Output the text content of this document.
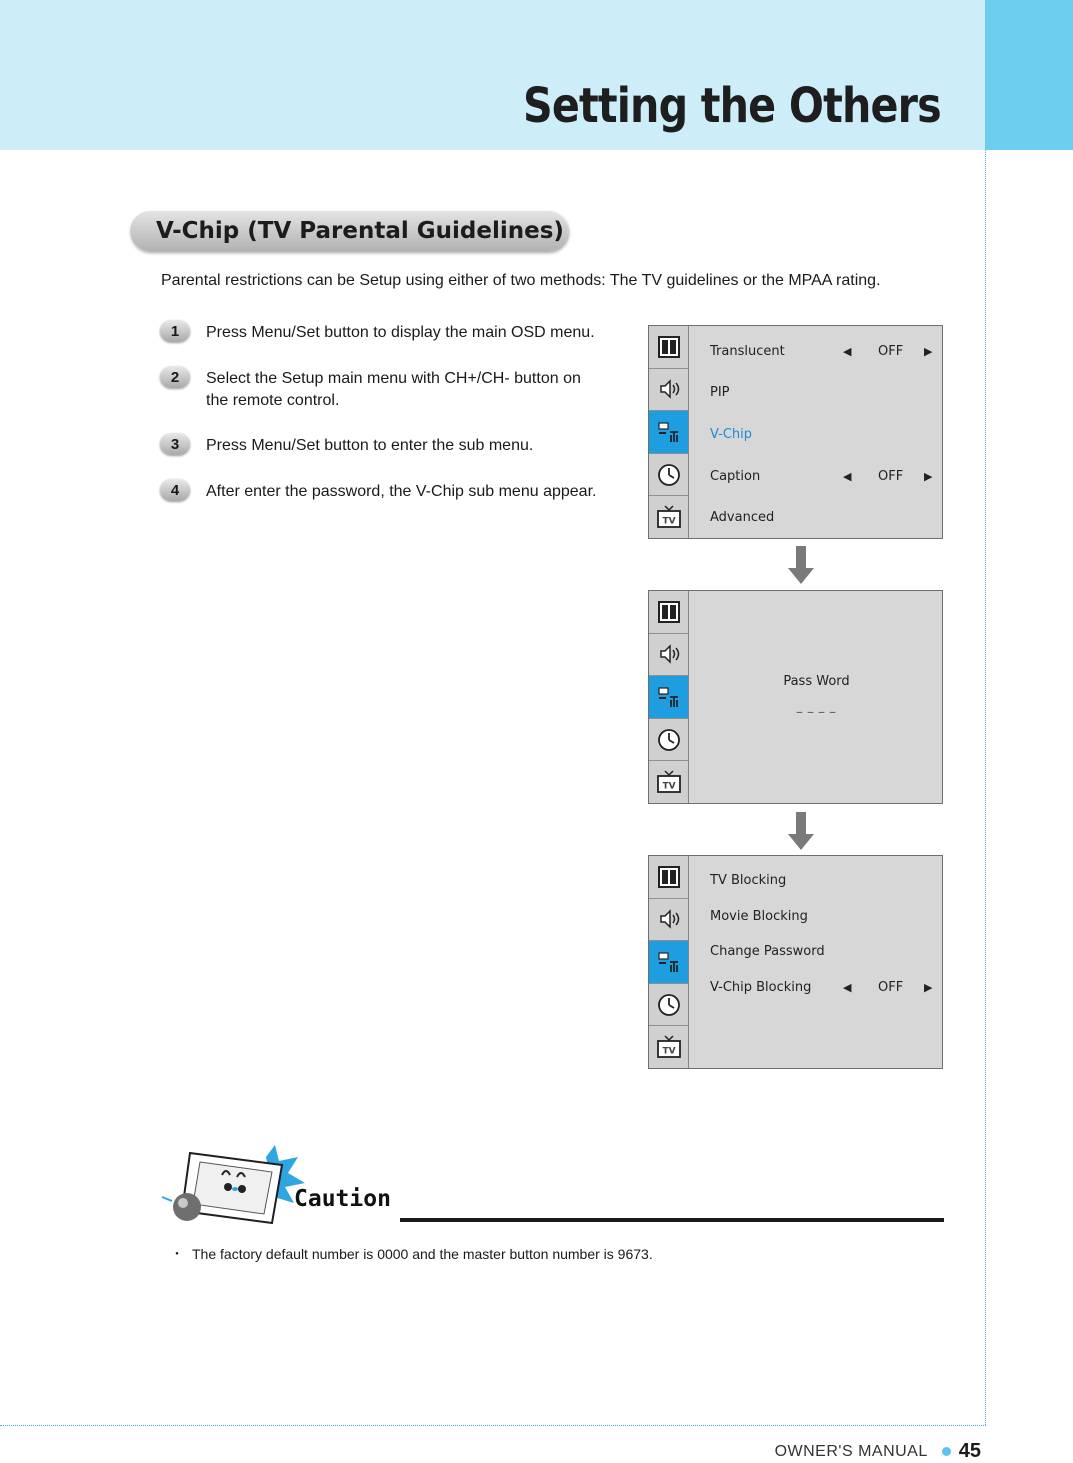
Setting the Others
V-Chip (TV Parental Guidelines)
Parental restrictions can be Setup using either of two methods: The TV guidelines or the MPAA rating.
1	Press Menu/Set button to display the main OSD menu.
2	Select the Setup main menu with CH+/CH- button on
the remote control.
3	Press Menu/Set button to enter the sub menu.
4	After enter the password, the V-Chip sub menu appear.
TV
Translucent	◀ OFF ▶
PIP
V-Chip
Caption	◀ OFF ▶
Advanced
TV
Pass Word
_ _ _ _
TV
TV Blocking
Movie Blocking
Change Password
V-Chip Blocking	◀ OFF ▶
Caution
・ The factory default number is 0000 and the master button number is 9673.
OWNER'S MANUAL 45
